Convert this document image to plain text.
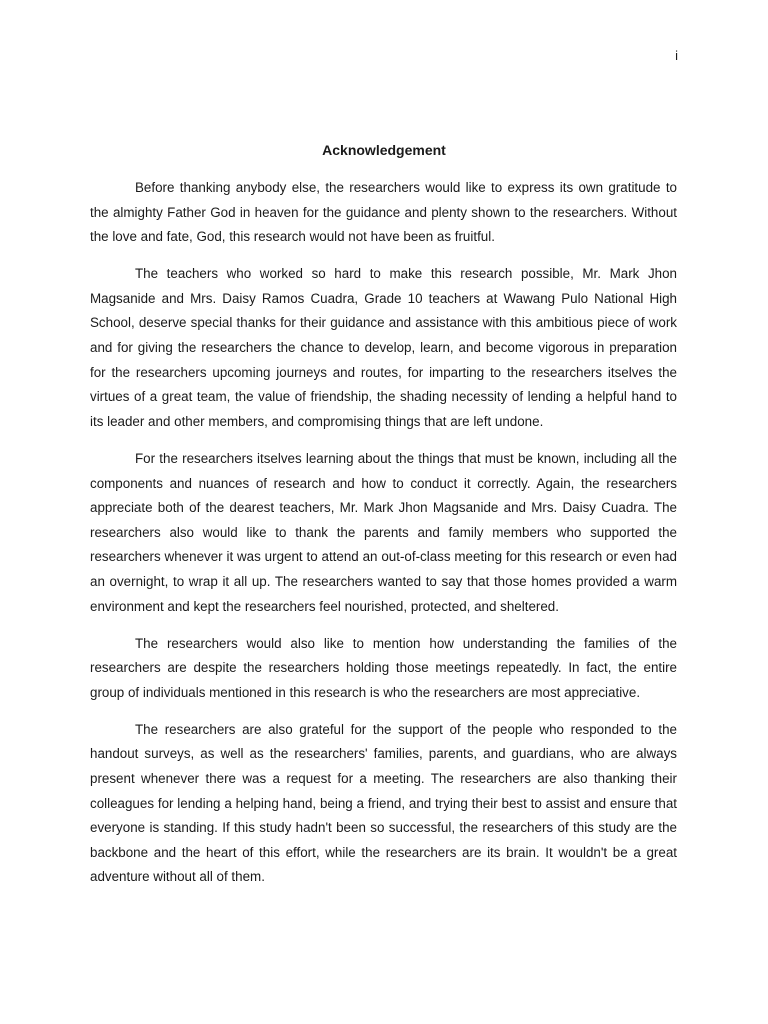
i
Acknowledgement

Before thanking anybody else, the researchers would like to express its own gratitude to the almighty Father God in heaven for the guidance and plenty shown to the researchers. Without the love and fate, God, this research would not have been as fruitful.

The teachers who worked so hard to make this research possible, Mr. Mark Jhon Magsanide and Mrs. Daisy Ramos Cuadra, Grade 10 teachers at Wawang Pulo National High School, deserve special thanks for their guidance and assistance with this ambitious piece of work and for giving the researchers the chance to develop, learn, and become vigorous in preparation for the researchers upcoming journeys and routes, for imparting to the researchers itselves the virtues of a great team, the value of friendship, the shading necessity of lending a helpful hand to its leader and other members, and compromising things that are left undone.

For the researchers itselves learning about the things that must be known, including all the components and nuances of research and how to conduct it correctly. Again, the researchers appreciate both of the dearest teachers, Mr. Mark Jhon Magsanide and Mrs. Daisy Cuadra. The researchers also would like to thank the parents and family members who supported the researchers whenever it was urgent to attend an out-of-class meeting for this research or even had an overnight, to wrap it all up. The researchers wanted to say that those homes provided a warm environment and kept the researchers feel nourished, protected, and sheltered.

The researchers would also like to mention how understanding the families of the researchers are despite the researchers holding those meetings repeatedly. In fact, the entire group of individuals mentioned in this research is who the researchers are most appreciative.

The researchers are also grateful for the support of the people who responded to the handout surveys, as well as the researchers' families, parents, and guardians, who are always present whenever there was a request for a meeting. The researchers are also thanking their colleagues for lending a helping hand, being a friend, and trying their best to assist and ensure that everyone is standing. If this study hadn't been so successful, the researchers of this study are the backbone and the heart of this effort, while the researchers are its brain. It wouldn't be a great adventure without all of them.
